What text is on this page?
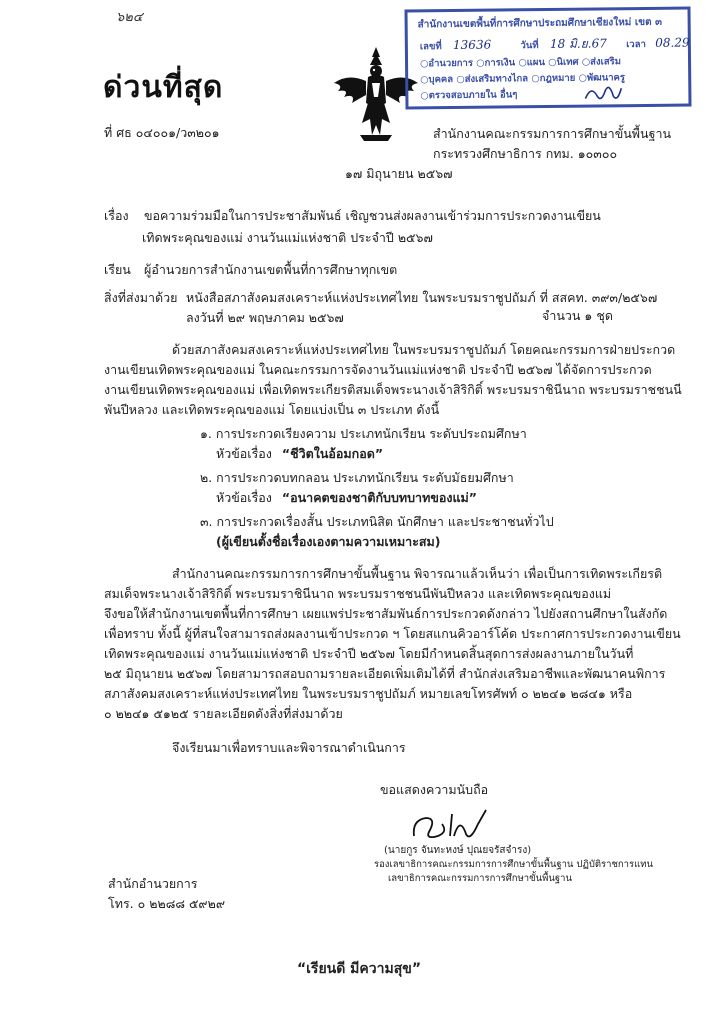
๖๒๔
ด่วนที่สุด
ที่ ศธ ๐๔๐๐๑/ว๓๒๐๑
สำนักงานเขตพื้นที่การศึกษาประถมศึกษาเชียงใหม่ เขต ๓
เลขที่ 13636	วันที่ 18 มิ.ย.67 เวลา 08.29
○อำนวยการ ○การเงิน ○แผน ○นิเทศ ○ส่งเสริม
○บุคคล ○ส่งเสริมทางไกล ○กฎหมาย ○พัฒนาครู
○ตรวจสอบภายใน อื่นๆ
สำนักงานคณะกรรมการการศึกษาขั้นพื้นฐาน
กระทรวงศึกษาธิการ กทม. ๑๐๓๐๐
๑๗ มิถุนายน ๒๕๖๗
เรื่อง ขอความร่วมมือในการประชาสัมพันธ์ เชิญชวนส่งผลงานเข้าร่วมการประกวดงานเขียน
เทิดพระคุณของแม่ งานวันแม่แห่งชาติ ประจำปี ๒๕๖๗
เรียน ผู้อำนวยการสำนักงานเขตพื้นที่การศึกษาทุกเขต
สิ่งที่ส่งมาด้วย หนังสือสภาสังคมสงเคราะห์แห่งประเทศไทย ในพระบรมราชูปถัมภ์ ที่ สสคท. ๓๙๓/๒๕๖๗
จำนวน ๑ ชุด
ลงวันที่ ๒๙ พฤษภาคม ๒๕๖๗
ด้วยสภาสังคมสงเคราะห์แห่งประเทศไทย ในพระบรมราชูปถัมภ์ โดยคณะกรรมการฝ่ายประกวด
งานเขียนเทิดพระคุณของแม่ ในคณะกรรมการจัดงานวันแม่แห่งชาติ ประจำปี ๒๕๖๗ ได้จัดการประกวด
งานเขียนเทิดพระคุณของแม่ เพื่อเทิดพระเกียรติสมเด็จพระนางเจ้าสิริกิติ์ พระบรมราชินีนาถ พระบรมราชชนนี
พันปีหลวง และเทิดพระคุณของแม่ โดยแบ่งเป็น ๓ ประเภท ดังนี้
๑. การประกวดเรียงความ ประเภทนักเรียน ระดับประถมศึกษา
หัวข้อเรื่อง “ชีวิตในอ้อมกอด”
๒. การประกวดบทกลอน ประเภทนักเรียน ระดับมัธยมศึกษา
หัวข้อเรื่อง “อนาคตของชาติกับบทบาทของแม่”
๓. การประกวดเรื่องสั้น ประเภทนิสิต นักศึกษา และประชาชนทั่วไป
(ผู้เขียนตั้งชื่อเรื่องเองตามความเหมาะสม)
สำนักงานคณะกรรมการการศึกษาขั้นพื้นฐาน พิจารณาแล้วเห็นว่า เพื่อเป็นการเทิดพระเกียรติ
สมเด็จพระนางเจ้าสิริกิติ์ พระบรมราชินีนาถ พระบรมราชชนนีพันปีหลวง และเทิดพระคุณของแม่
จึงขอให้สำนักงานเขตพื้นที่การศึกษา เผยแพร่ประชาสัมพันธ์การประกวดดังกล่าว ไปยังสถานศึกษาในสังกัด
เพื่อทราบ ทั้งนี้ ผู้ที่สนใจสามารถส่งผลงานเข้าประกวด ฯ โดยสแกนคิวอาร์โค้ด ประกาศการประกวดงานเขียน
เทิดพระคุณของแม่ งานวันแม่แห่งชาติ ประจำปี ๒๕๖๗ โดยมีกำหนดสิ้นสุดการส่งผลงานภายในวันที่
๒๕ มิถุนายน ๒๕๖๗ โดยสามารถสอบถามรายละเอียดเพิ่มเติมได้ที่ สำนักส่งเสริมอาชีพและพัฒนาคนพิการ
สภาสังคมสงเคราะห์แห่งประเทศไทย ในพระบรมราชูปถัมภ์ หมายเลขโทรศัพท์ ๐ ๒๒๔๑ ๒๘๔๑ หรือ
๐ ๒๒๔๑ ๕๑๒๕ รายละเอียดดังสิ่งที่ส่งมาด้วย
จึงเรียนมาเพื่อทราบและพิจารณาดำเนินการ
ขอแสดงความนับถือ
(นายกูร จันทะหงษ์ ปุณยจรัสจำรง)
รองเลขาธิการคณะกรรมการการศึกษาขั้นพื้นฐาน ปฏิบัติราชการแทน
เลขาธิการคณะกรรมการการศึกษาขั้นพื้นฐาน
สำนักอำนวยการ
โทร. ๐ ๒๒๘๘ ๕๙๒๙
“เรียนดี มีความสุข”
